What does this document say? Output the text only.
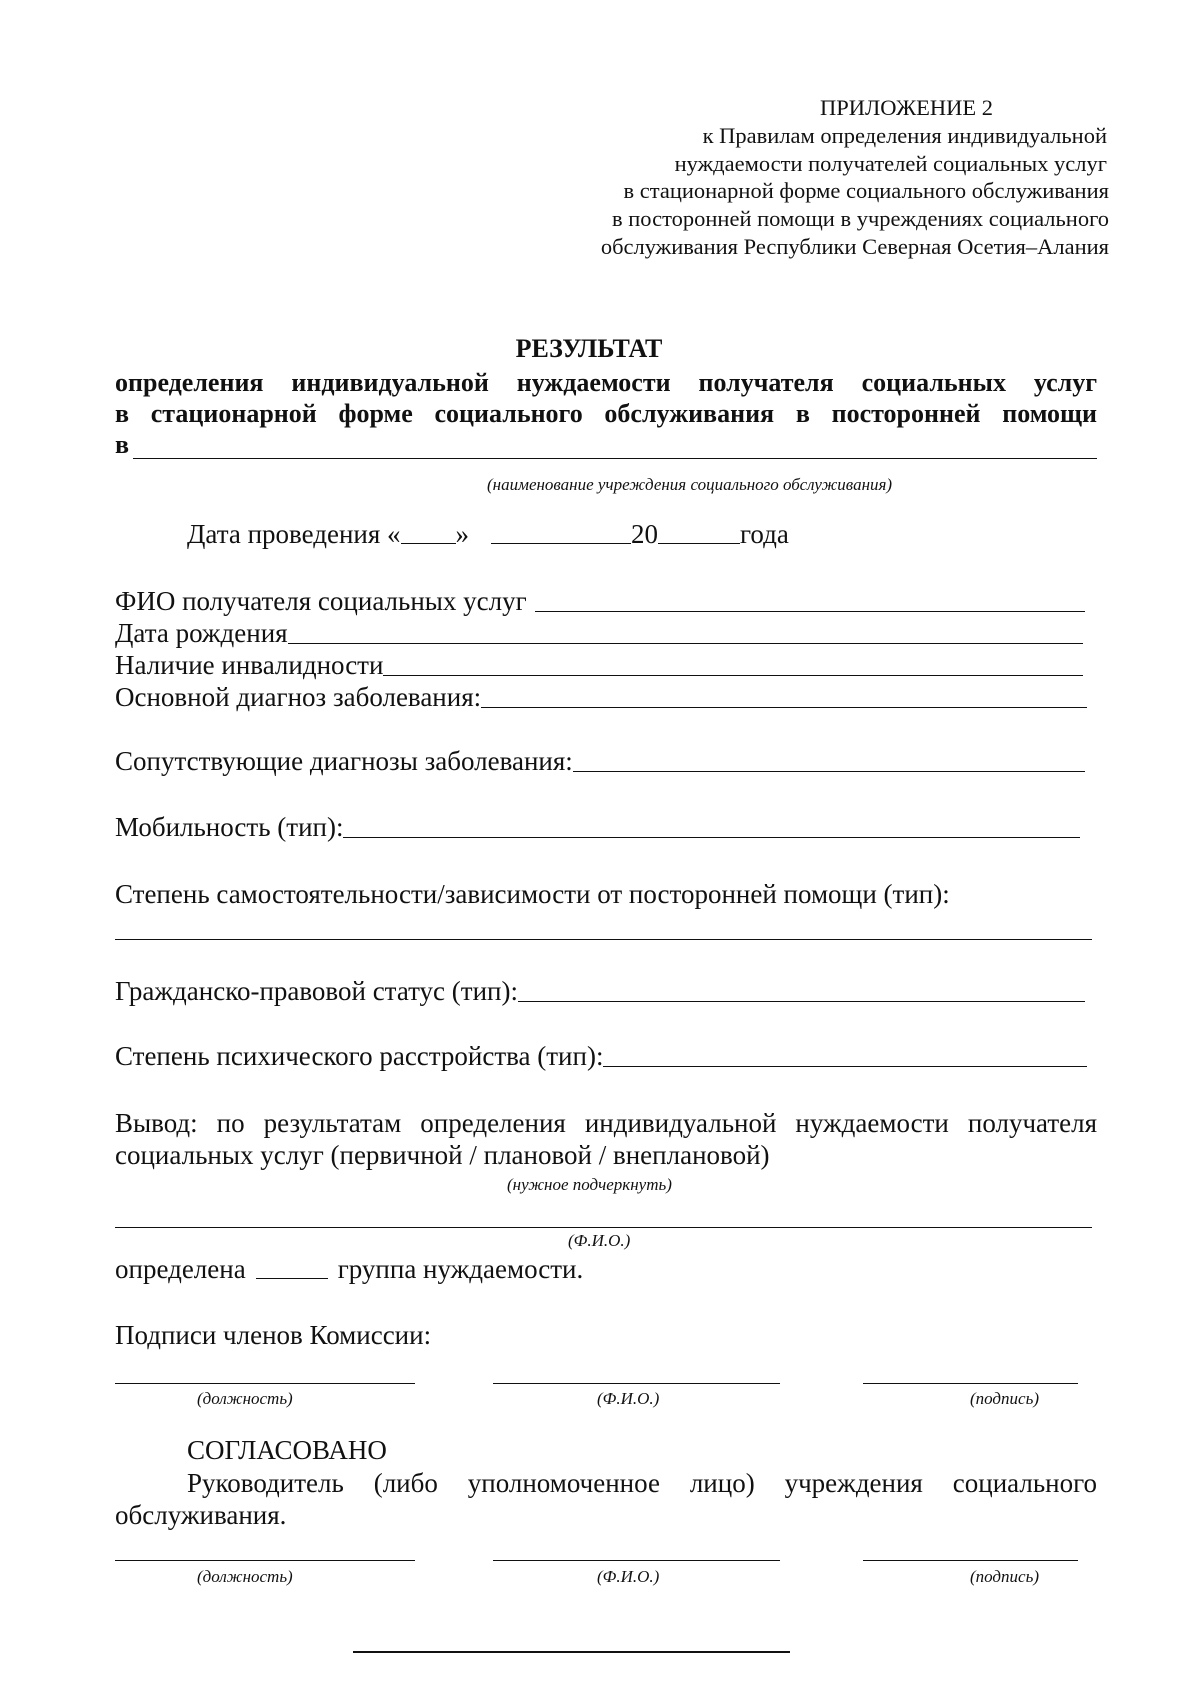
ПРИЛОЖЕНИЕ 2
к Правилам определения индивидуальной
нуждаемости получателей социальных услуг
в стационарной форме социального обслуживания
в посторонней помощи в учреждениях социального
обслуживания Республики Северная Осетия–Алания
РЕЗУЛЬТАТ
определения индивидуальной нуждаемости получателя социальных услуг
в стационарной форме социального обслуживания в посторонней помощи
в
(наименование учреждения социального обслуживания)
Дата проведения « »	20	года
ФИО получателя социальных услуг
Дата рождения
Наличие инвалидности
Основной диагноз заболевания:
Сопутствующие диагнозы заболевания:
Мобильность (тип):
Степень самостоятельности/зависимости от посторонней помощи (тип):
Гражданско-правовой статус (тип):
Степень психического расстройства (тип):
Вывод: по результатам определения индивидуальной нуждаемости получателя
социальных услуг (первичной / плановой / внеплановой)
(нужное подчеркнуть)
(Ф.И.О.)
определена	группа нуждаемости.
Подписи членов Комиссии:
(должность)	(Ф.И.О.)	(подпись)
СОГЛАСОВАНО
Руководитель (либо уполномоченное лицо) учреждения социального
обслуживания.
(должность)	(Ф.И.О.)	(подпись)
